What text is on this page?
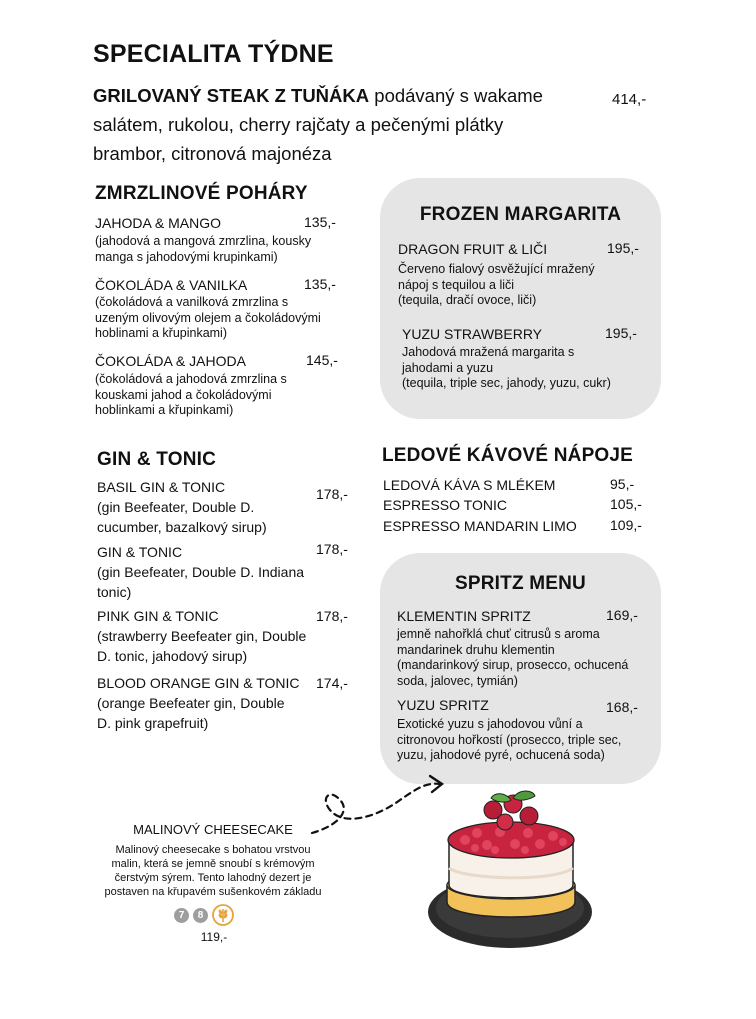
SPECIALITA TÝDNE
GRILOVANÝ STEAK Z TUŇÁKA podávaný s wakame
salátem, rukolou, cherry rajčaty a pečenými plátky
brambor, citronová majonéza
414,-
ZMRZLINOVÉ POHÁRY
JAHODA & MANGO	135,-
(jahodová a mangová zmrzlina, kousky
manga s jahodovými krupinkami)
ČOKOLÁDA & VANILKA	135,-
(čokoládová a vanilková zmrzlina s
uzeným olivovým olejem a čokoládovými
hoblinami a křupinkami)
ČOKOLÁDA & JAHODA	145,-
(čokoládová a jahodová zmrzlina s
kouskami jahod a čokoládovými
hoblinkami a křupinkami)
FROZEN MARGARITA
DRAGON FRUIT & LIČI	195,-
Červeno fialový osvěžující mražený
nápoj s tequilou a liči
(tequila, dračí ovoce, liči)
YUZU STRAWBERRY	195,-
Jahodová mražená margarita s
jahodami a yuzu
(tequila, triple sec, jahody, yuzu, cukr)
GIN & TONIC
BASIL GIN & TONIC	178,-
(gin Beefeater, Double D.
cucumber, bazalkový sirup)
GIN & TONIC	178,-
(gin Beefeater, Double D. Indiana
tonic)
PINK GIN & TONIC	178,-
(strawberry Beefeater gin, Double
D. tonic, jahodový sirup)
BLOOD ORANGE GIN & TONIC 174,-
(orange Beefeater gin, Double
D. pink grapefruit)
LEDOVÉ KÁVOVÉ NÁPOJE
LEDOVÁ KÁVA S MLÉKEM	95,-
ESPRESSO TONIC	105,-
ESPRESSO MANDARIN LIMO 109,-
SPRITZ MENU
KLEMENTIN SPRITZ	169,-
jemně nahořklá chuť citrusů s aroma
mandarinek druhu klementin
(mandarinkový sirup, prosecco, ochucená
soda, jalovec, tymián)
YUZU SPRITZ	168,-
Exotické yuzu s jahodovou vůní a
citronovou hořkostí (prosecco, triple sec,
yuzu, jahodové pyré, ochucená soda)
MALINOVÝ CHEESECAKE
Malinový cheesecake s bohatou vrstvou
malin, která se jemně snoubí s krémovým
čerstvým sýrem. Tento lahodný dezert je
postaven na křupavém sušenkovém základu
7	8
119,-
